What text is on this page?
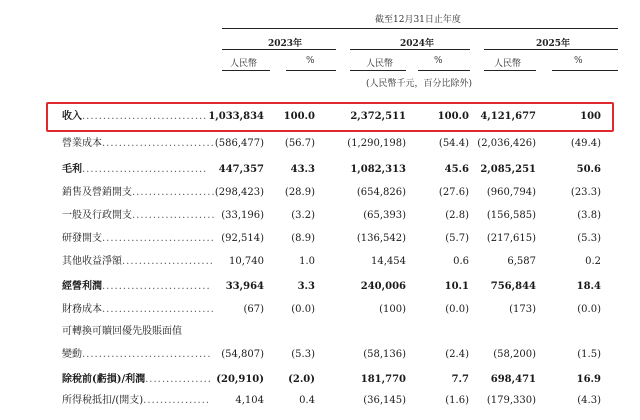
截至12月31日止年度
2023年	2024年	2025年
人民幣	%	人民幣	%	人民幣	%
(人民幣千元，百分比除外)
收入.............................. 1,033,834 100.0	2,372,511	100.0 4,121,677	100
營業成本........................... (586,477) (56.7)	(1,290,198)	(54.4) (2,036,426)	(49.4)
毛利.............................. 447,357	43.3	1,082,313	45.6 2,085,251	50.6
銷售及營銷開支.................... (298,423) (28.9)	(654,826)	(27.6) (960,794)	(23.3)
一般及行政開支.................... (33,196)	(3.2)	(65,393)	(2.8) (156,585)	(3.8)
研發開支........................... (92,514)	(8.9)	(136,542)	(5.7) (217,615)	(5.3)
其他收益淨額...................... 10,740	1.0	14,454	0.6	6,587	0.2
經營利潤.......................... 33,964	3.3	240,006	10.1 756,844	18.4
財務成本...........................	(67)	(0.0)	(100)	(0.0)	(173)	(0.0)
可轉換可贖回優先股賬面值
變動............................... (54,807)	(5.3)	(58,136)	(2.4) (58,200)	(1.5)
除稅前(虧損)/利潤................ (20,910) (2.0)	181,770	7.7 698,471	16.9
所得稅抵扣/(開支)................	4,104	0.4	(36,145)	(1.6) (179,330)	(4.3)
